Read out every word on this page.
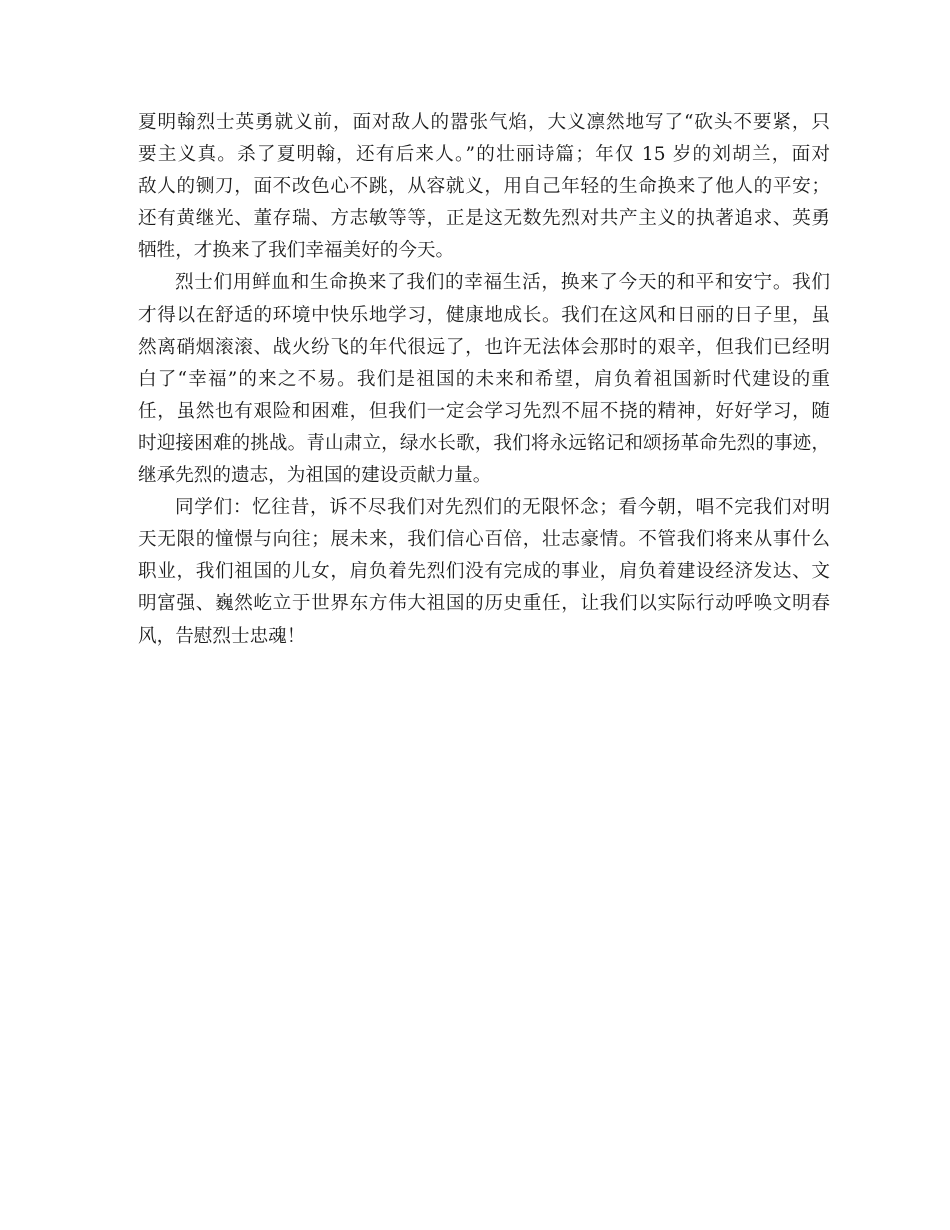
夏明翰烈士英勇就义前，面对敌人的嚣张气焰，大义凛然地写了“砍头不要紧，只
要主义真。杀了夏明翰，还有后来人。”的壮丽诗篇；年仅 15 岁的刘胡兰，面对
敌人的铡刀，面不改色心不跳，从容就义，用自己年轻的生命换来了他人的平安；
还有黄继光、董存瑞、方志敏等等，正是这无数先烈对共产主义的执著追求、英勇
牺牲，才换来了我们幸福美好的今天。
烈士们用鲜血和生命换来了我们的幸福生活，换来了今天的和平和安宁。我们
才得以在舒适的环境中快乐地学习，健康地成长。我们在这风和日丽的日子里，虽
然离硝烟滚滚、战火纷飞的年代很远了，也许无法体会那时的艰辛，但我们已经明
白了“幸福”的来之不易。我们是祖国的未来和希望，肩负着祖国新时代建设的重
任，虽然也有艰险和困难，但我们一定会学习先烈不屈不挠的精神，好好学习，随
时迎接困难的挑战。青山肃立，绿水长歌，我们将永远铭记和颂扬革命先烈的事迹，
继承先烈的遗志，为祖国的建设贡献力量。
同学们：忆往昔，诉不尽我们对先烈们的无限怀念；看今朝，唱不完我们对明
天无限的憧憬与向往；展未来，我们信心百倍，壮志豪情。不管我们将来从事什么
职业，我们祖国的儿女，肩负着先烈们没有完成的事业，肩负着建设经济发达、文
明富强、巍然屹立于世界东方伟大祖国的历史重任，让我们以实际行动呼唤文明春
风，告慰烈士忠魂！
